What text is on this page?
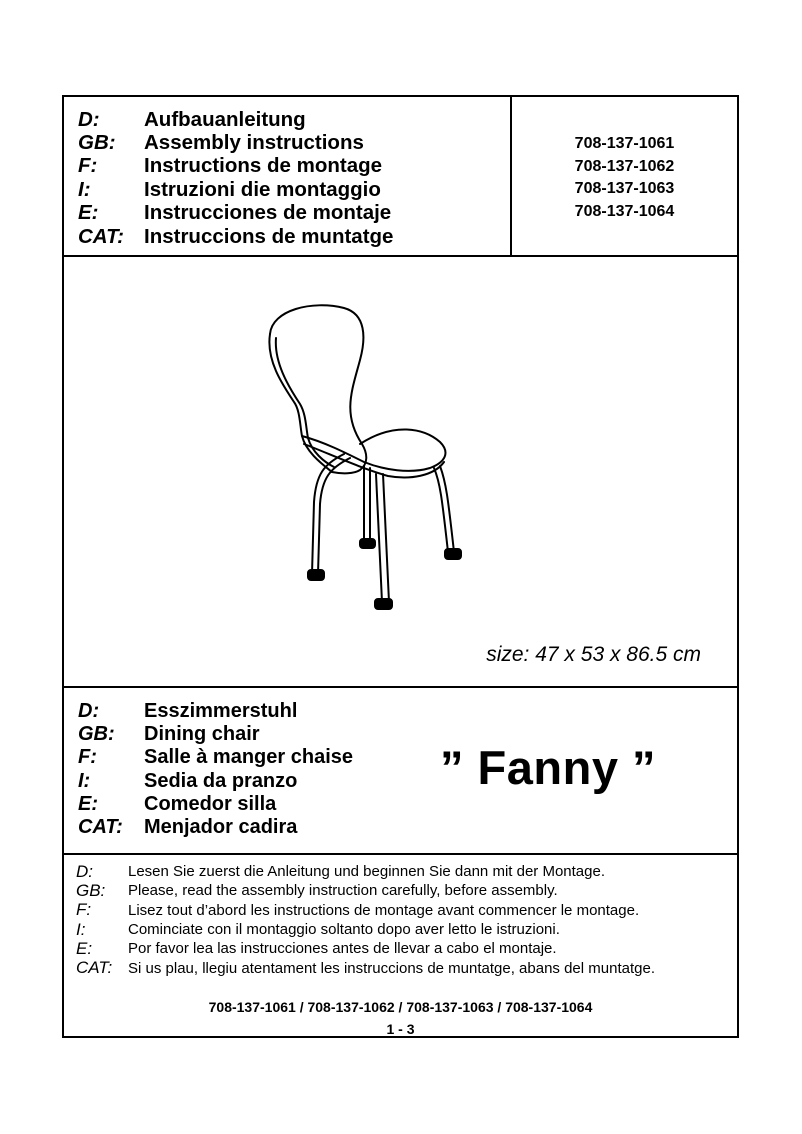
D:	Aufbauanleitung
GB:	Assembly instructions
F:	Instructions de montage
I:	Istruzioni die montaggio
E:	Instrucciones de montaje
CAT: Instruccions de muntatge
708-137-1061
708-137-1062
708-137-1063
708-137-1064
size: 47 x 53 x 86.5 cm
D:	Esszimmerstuhl
GB:	Dining chair
F:	Salle à manger chaise
I:	Sedia da pranzo
E:	Comedor silla
CAT:	Menjador cadira
” Fanny ”
D:	Lesen Sie zuerst die Anleitung und beginnen Sie dann mit der Montage.
GB:	Please, read the assembly instruction carefully, before assembly.
F:	Lisez tout d’abord les instructions de montage avant commencer le montage.
I:	Cominciate con il montaggio soltanto dopo aver letto le istruzioni.
E:	Por favor lea las instrucciones antes de llevar a cabo el montaje.
CAT:	Si us plau, llegiu atentament les instruccions de muntatge, abans del muntatge.
708-137-1061 / 708-137-1062 / 708-137-1063 / 708-137-1064
1 - 3
